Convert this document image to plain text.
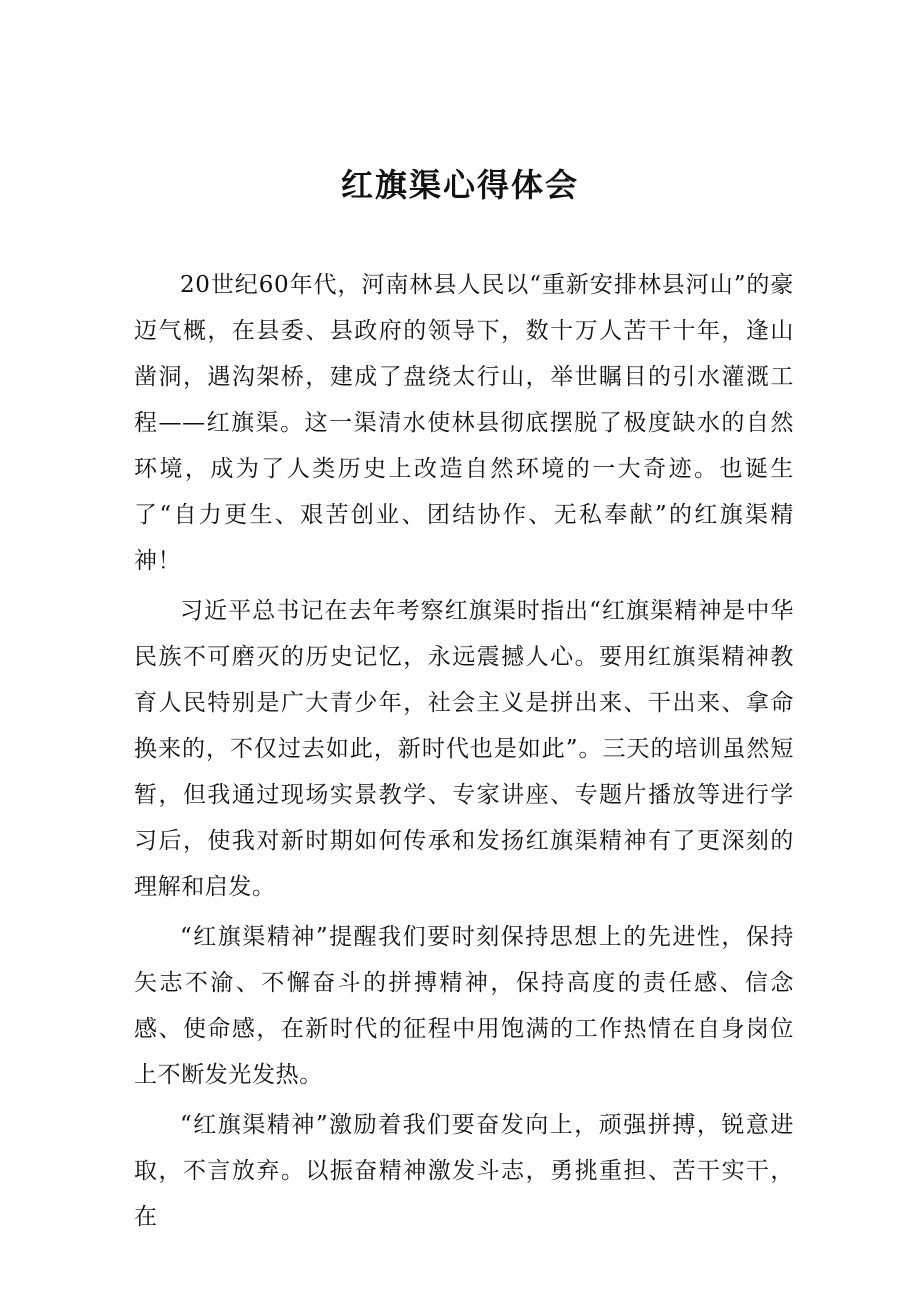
红旗渠心得体会

20世纪60年代，河南林县人民以“重新安排林县河山”的豪迈气概，在县委、县政府的领导下，数十万人苦干十年，逢山凿洞，遇沟架桥，建成了盘绕太行山，举世瞩目的引水灌溉工程——红旗渠。这一渠清水使林县彻底摆脱了极度缺水的自然环境，成为了人类历史上改造自然环境的一大奇迹。也诞生了“自力更生、艰苦创业、团结协作、无私奉献”的红旗渠精神！

习近平总书记在去年考察红旗渠时指出“红旗渠精神是中华民族不可磨灭的历史记忆，永远震撼人心。要用红旗渠精神教育人民特别是广大青少年，社会主义是拼出来、干出来、拿命换来的，不仅过去如此，新时代也是如此”。三天的培训虽然短暂，但我通过现场实景教学、专家讲座、专题片播放等进行学习后，使我对新时期如何传承和发扬红旗渠精神有了更深刻的理解和启发。

“红旗渠精神”提醒我们要时刻保持思想上的先进性，保持矢志不渝、不懈奋斗的拼搏精神，保持高度的责任感、信念感、使命感，在新时代的征程中用饱满的工作热情在自身岗位上不断发光发热。

“红旗渠精神”激励着我们要奋发向上，顽强拼搏，锐意进取，不言放弃。以振奋精神激发斗志，勇挑重担、苦干实干，在
